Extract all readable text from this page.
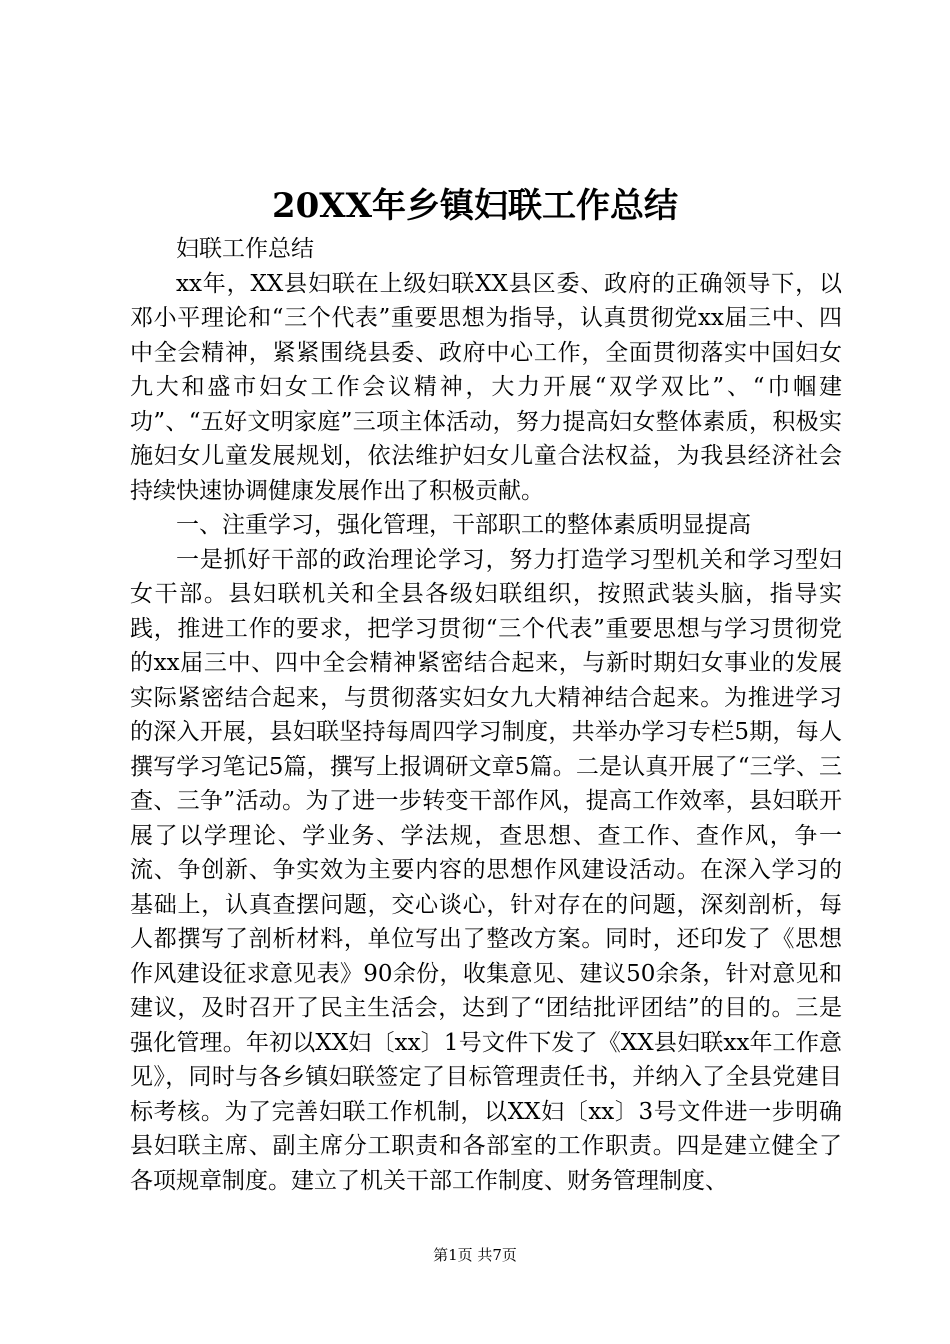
20XX年乡镇妇联工作总结

妇联工作总结

xx年，XX县妇联在上级妇联XX县区委、政府的正确领导下，以邓小平理论和“三个代表”重要思想为指导，认真贯彻党xx届三中、四中全会精神，紧紧围绕县委、政府中心工作，全面贯彻落实中国妇女九大和盛市妇女工作会议精神，大力开展“双学双比”、“巾帼建功”、“五好文明家庭”三项主体活动，努力提高妇女整体素质，积极实施妇女儿童发展规划，依法维护妇女儿童合法权益，为我县经济社会持续快速协调健康发展作出了积极贡献。

一、注重学习，强化管理，干部职工的整体素质明显提高

一是抓好干部的政治理论学习，努力打造学习型机关和学习型妇女干部。县妇联机关和全县各级妇联组织，按照武装头脑，指导实践，推进工作的要求，把学习贯彻“三个代表”重要思想与学习贯彻党的xx届三中、四中全会精神紧密结合起来，与新时期妇女事业的发展实际紧密结合起来，与贯彻落实妇女九大精神结合起来。为推进学习的深入开展，县妇联坚持每周四学习制度，共举办学习专栏5期，每人撰写学习笔记5篇，撰写上报调研文章5篇。二是认真开展了“三学、三查、三争”活动。为了进一步转变干部作风，提高工作效率，县妇联开展了以学理论、学业务、学法规，查思想、查工作、查作风，争一流、争创新、争实效为主要内容的思想作风建设活动。在深入学习的基础上，认真查摆问题，交心谈心，针对存在的问题，深刻剖析，每人都撰写了剖析材料，单位写出了整改方案。同时，还印发了《思想作风建设征求意见表》90余份，收集意见、建议50余条，针对意见和建议，及时召开了民主生活会，达到了“团结批评团结”的目的。三是强化管理。年初以XX妇〔xx〕1号文件下发了《XX县妇联xx年工作意见》，同时与各乡镇妇联签定了目标管理责任书，并纳入了全县党建目标考核。为了完善妇联工作机制，以XX妇〔xx〕3号文件进一步明确县妇联主席、副主席分工职责和各部室的工作职责。四是建立健全了各项规章制度。建立了机关干部工作制度、财务管理制度、

第1页 共7页
